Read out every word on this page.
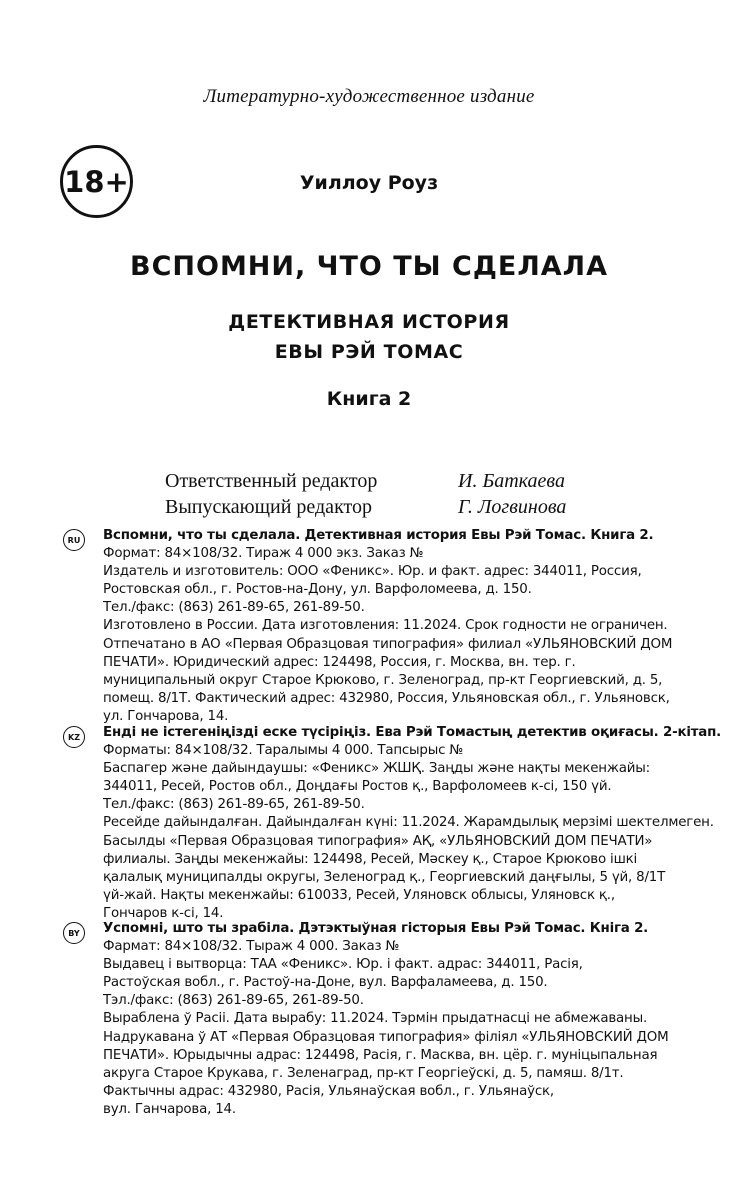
Литературно-художественное издание
18+	Уиллоу Роуз
ВСПОМНИ, ЧТО ТЫ СДЕЛАЛА
ДЕТЕКТИВНАЯ ИСТОРИЯ
ЕВЫ РЭЙ ТОМАС
Книга 2
Ответственный редактор	И. Баткаева
Выпускающий редактор	Г. Логвинова
RU	Вспомни, что ты сделала. Детективная история Евы Рэй Томас. Книга 2.
Формат: 84×108/32. Тираж 4 000 экз. Заказ №
Издатель и изготовитель: ООО «Феникс». Юр. и факт. адрес: 344011, Россия,
Ростовская обл., г. Ростов-на-Дону, ул. Варфоломеева, д. 150.
Тел./факс: (863) 261-89-65, 261-89-50.
Изготовлено в России. Дата изготовления: 11.2024. Срок годности не ограничен.
Отпечатано в АО «Первая Образцовая типография» филиал «УЛЬЯНОВСКИЙ ДОМ
ПЕЧАТИ». Юридический адрес: 124498, Россия, г. Москва, вн. тер. г.
муниципальный округ Старое Крюково, г. Зеленоград, пр-кт Георгиевский, д. 5,
помещ. 8/1Т. Фактический адрес: 432980, Россия, Ульяновская обл., г. Ульяновск,
ул. Гончарова, 14.
KZ	Енді не істегеніңізді еске түсіріңіз. Ева Рэй Томастың детектив оқиғасы. 2-кітап.
Форматы: 84×108/32. Таралымы 4 000. Тапсырыс №
Баспагер және дайындаушы: «Феникс» ЖШҚ. Заңды және нақты мекенжайы:
344011, Ресей, Ростов обл., Доңдағы Ростов қ., Варфоломеев к-сі, 150 үй.
Тел./факс: (863) 261-89-65, 261-89-50.
Ресейде дайындалған. Дайындалған күні: 11.2024. Жарамдылық мерзімі шектелмеген.
Басылды «Первая Образцовая типография» АҚ, «УЛЬЯНОВСКИЙ ДОМ ПЕЧАТИ»
филиалы. Заңды мекенжайы: 124498, Ресей, Мәскеу қ., Старое Крюково ішкі
қалалық муниципалды округы, Зеленоград қ., Георгиевский даңғылы, 5 үй, 8/1Т
үй-жай. Нақты мекенжайы: 610033, Ресей, Уляновск облысы, Уляновск қ.,
Гончаров к-сі, 14.
BY	Успомні, што ты зрабіла. Дэтэктыўная гісторыя Евы Рэй Томас. Кніга 2.
Фармат: 84×108/32. Тыраж 4 000. Заказ №
Выдавец і вытворца: ТАА «Феникс». Юр. і факт. адрас: 344011, Расія,
Растоўская вобл., г. Растоў-на-Доне, вул. Варфаламеева, д. 150.
Тэл./факс: (863) 261-89-65, 261-89-50.
Выраблена ў Расіі. Дата вырабу: 11.2024. Тэрмін прыдатнасці не абмежаваны.
Надрукавана ў АТ «Первая Образцовая типография» філіял «УЛЬЯНОВСКИЙ ДОМ
ПЕЧАТИ». Юрыдычны адрас: 124498, Расія, г. Масква, вн. цёр. г. муніцыпальная
акруга Старое Крукава, г. Зеленаград, пр-кт Георгіеўскі, д. 5, памяш. 8/1т.
Фактычны адрас: 432980, Расія, Ульянаўская вобл., г. Ульянаўск,
вул. Ганчарова, 14.
